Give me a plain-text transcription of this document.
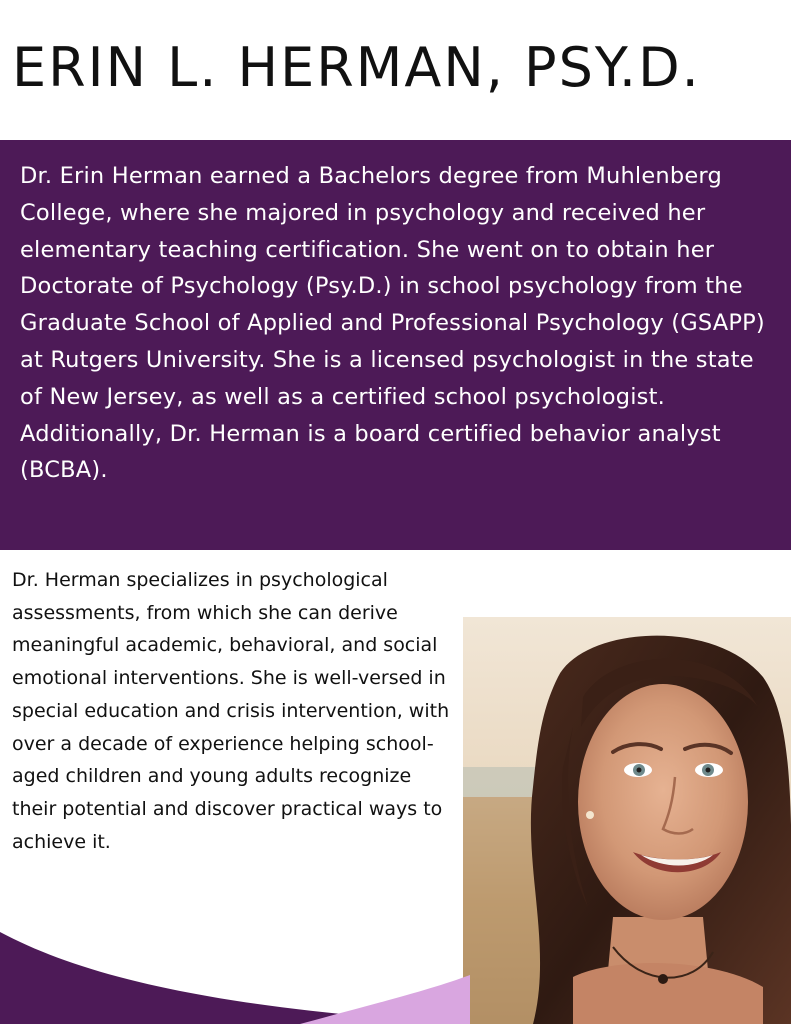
ERIN L. HERMAN, PSY.D.

Dr. Erin Herman earned a Bachelors degree from Muhlenberg College, where she majored in psychology and received her elementary teaching certification. She went on to obtain her Doctorate of Psychology (Psy.D.) in school psychology from the Graduate School of Applied and Professional Psychology (GSAPP) at Rutgers University. She is a licensed psychologist in the state of New Jersey, as well as a certified school psychologist. Additionally, Dr. Herman is a board certified behavior analyst (BCBA).

Dr. Herman specializes in psychological assessments, from which she can derive meaningful academic, behavioral, and social emotional interventions. She is well-versed in special education and crisis intervention, with over a decade of experience helping school-aged children and young adults recognize their potential and discover practical ways to achieve it.
